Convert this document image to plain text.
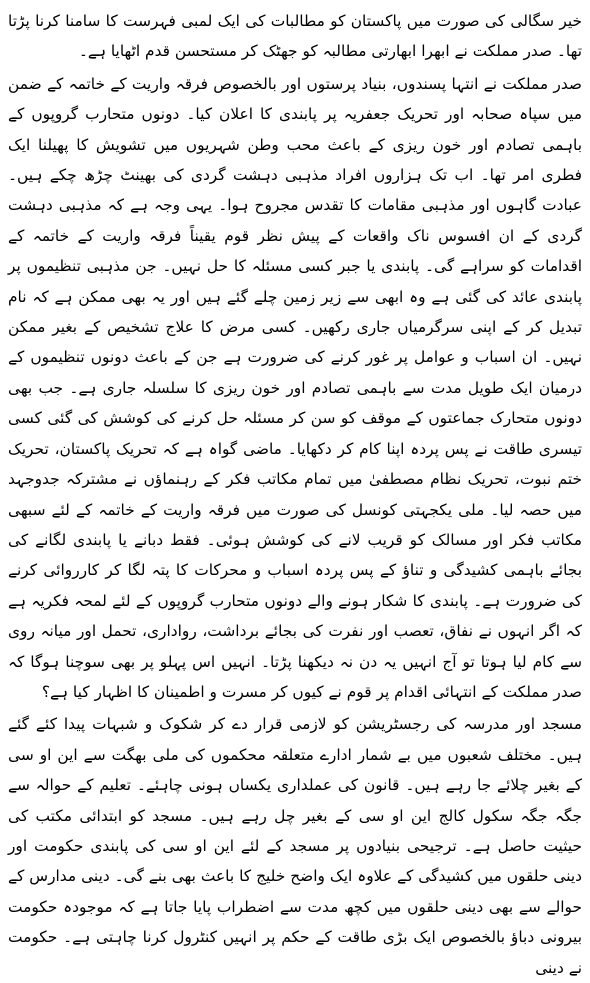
خیر سگالی کی صورت میں پاکستان کو مطالبات کی ایک لمبی فہرست کا سامنا کرنا پڑتا تھا۔ صدر مملکت نے ابھرا ابھارتی مطالبہ کو جھٹک کر مستحسن قدم اٹھایا ہے۔

صدر مملکت نے انتہا پسندوں، بنیاد پرستوں اور بالخصوص فرقہ واریت کے خاتمہ کے ضمن میں سپاہ صحابہ اور تحریک جعفریہ پر پابندی کا اعلان کیا۔ دونوں متحارب گروپوں کے باہمی تصادم اور خون ریزی کے باعث محب وطن شہریوں میں تشویش کا پھیلنا ایک فطری امر تھا۔ اب تک ہزاروں افراد مذہبی دہشت گردی کی بھینٹ چڑھ چکے ہیں۔ عبادت گاہوں اور مذہبی مقامات کا تقدس مجروح ہوا۔ یہی وجہ ہے کہ مذہبی دہشت گردی کے ان افسوس ناک واقعات کے پیش نظر قوم یقیناً فرقہ واریت کے خاتمہ کے اقدامات کو سراہے گی۔ پابندی یا جبر کسی مسئلہ کا حل نہیں۔ جن مذہبی تنظیموں پر پابندی عائد کی گئی ہے وہ ابھی سے زیر زمین چلے گئے ہیں اور یہ بھی ممکن ہے کہ نام تبدیل کر کے اپنی سرگرمیاں جاری رکھیں۔ کسی مرض کا علاج تشخیص کے بغیر ممکن نہیں۔ ان اسباب و عوامل پر غور کرنے کی ضرورت ہے جن کے باعث دونوں تنظیموں کے درمیان ایک طویل مدت سے باہمی تصادم اور خون ریزی کا سلسلہ جاری ہے۔ جب بھی دونوں متحارک جماعتوں کے موقف کو سن کر مسئلہ حل کرنے کی کوشش کی گئی کسی تیسری طاقت نے پس پردہ اپنا کام کر دکھایا۔ ماضی گواہ ہے کہ تحریک پاکستان، تحریک ختم نبوت، تحریک نظام مصطفیٰ میں تمام مکاتب فکر کے رہنماؤں نے مشترکہ جدوجہد میں حصہ لیا۔ ملی یکجہتی کونسل کی صورت میں فرقہ واریت کے خاتمہ کے لئے سبھی مکاتب فکر اور مسالک کو قریب لانے کی کوشش ہوئی۔ فقط دبانے یا پابندی لگانے کی بجائے باہمی کشیدگی و تناؤ کے پس پردہ اسباب و محرکات کا پتہ لگا کر کارروائی کرنے کی ضرورت ہے۔ پابندی کا شکار ہونے والے دونوں متحارب گروپوں کے لئے لمحہ فکریہ ہے کہ اگر انہوں نے نفاق، تعصب اور نفرت کی بجائے برداشت، رواداری، تحمل اور میانہ روی سے کام لیا ہوتا تو آج انہیں یہ دن نہ دیکھنا پڑتا۔ انہیں اس پہلو پر بھی سوچنا ہوگا کہ صدر مملکت کے انتہائی اقدام پر قوم نے کیوں کر مسرت و اطمینان کا اظہار کیا ہے؟

مسجد اور مدرسہ کی رجسٹریشن کو لازمی قرار دے کر شکوک و شبہات پیدا کئے گئے ہیں۔ مختلف شعبوں میں بے شمار ادارے متعلقہ محکموں کی ملی بھگت سے این او سی کے بغیر چلائے جا رہے ہیں۔ قانون کی عملداری یکساں ہونی چاہئے۔ تعلیم کے حوالہ سے جگہ جگہ سکول کالج این او سی کے بغیر چل رہے ہیں۔ مسجد کو ابتدائی مکتب کی حیثیت حاصل ہے۔ ترجیحی بنیادوں پر مسجد کے لئے این او سی کی پابندی حکومت اور دینی حلقوں میں کشیدگی کے علاوہ ایک واضح خلیج کا باعث بھی بنے گی۔ دینی مدارس کے حوالے سے بھی دینی حلقوں میں کچھ مدت سے اضطراب پایا جاتا ہے کہ موجودہ حکومت بیرونی دباؤ بالخصوص ایک بڑی طاقت کے حکم پر انہیں کنٹرول کرنا چاہتی ہے۔ حکومت نے دینی
